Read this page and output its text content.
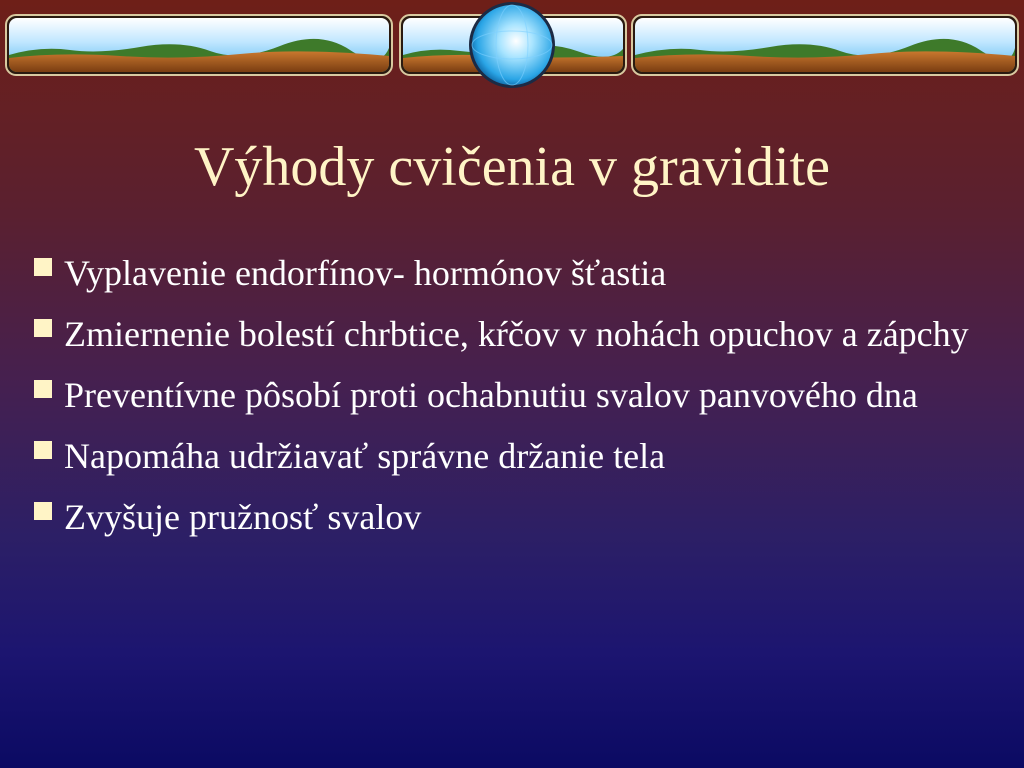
Výhody cvičenia v gravidite
Vyplavenie endorfínov- hormónov šťastia
Zmiernenie bolestí chrbtice, kŕčov v nohách opuchov a zápchy
Preventívne pôsobí proti ochabnutiu svalov panvového dna
Napomáha udržiavať správne držanie tela
Zvyšuje pružnosť svalov
